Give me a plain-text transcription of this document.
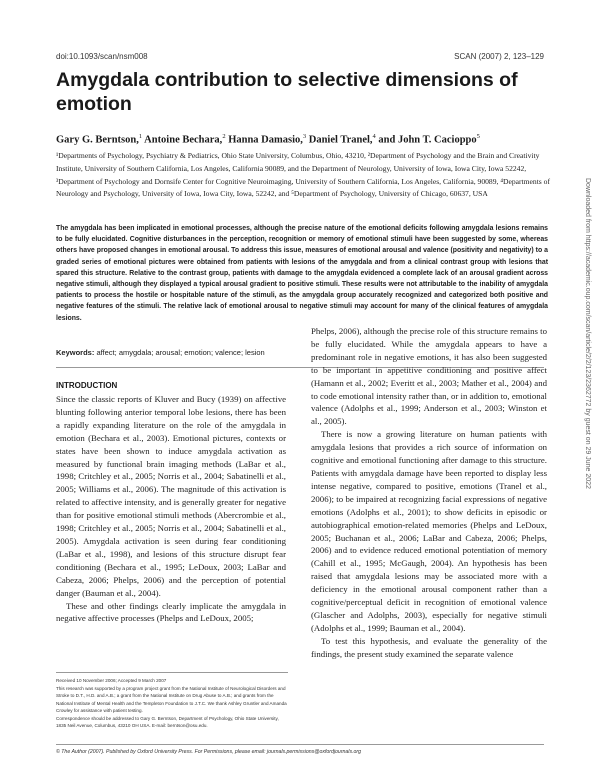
doi:10.1093/scan/nsm008	SCAN (2007) 2, 123–129
Amygdala contribution to selective dimensions of emotion
Gary G. Berntson,$^1$ Antoine Bechara,$^2$ Hanna Damasio,$^3$ Daniel Tranel,$^4$ and John T. Cacioppo$^5$
¹Departments of Psychology, Psychiatry & Pediatrics, Ohio State University, Columbus, Ohio, 43210, ²Department of Psychology and the Brain and Creativity Institute, University of Southern California, Los Angeles, California 90089, and the Department of Neurology, University of Iowa, Iowa City, Iowa 52242, ³Department of Psychology and Dornsife Center for Cognitive Neuroimaging, University of Southern California, Los Angeles, California, 90089, ⁴Departments of Neurology and Psychology, University of Iowa, Iowa City, Iowa, 52242, and ⁵Department of Psychology, University of Chicago, 60637, USA
The amygdala has been implicated in emotional processes, although the precise nature of the emotional deficits following amygdala lesions remains to be fully elucidated. Cognitive disturbances in the perception, recognition or memory of emotional stimuli have been suggested by some, whereas others have proposed changes in emotional arousal. To address this issue, measures of emotional arousal and valence (positivity and negativity) to a graded series of emotional pictures were obtained from patients with lesions of the amygdala and from a clinical contrast group with lesions that spared this structure. Relative to the contrast group, patients with damage to the amygdala evidenced a complete lack of an arousal gradient across negative stimuli, although they displayed a typical arousal gradient to positive stimuli. These results were not attributable to the inability of amygdala patients to process the hostile or hospitable nature of the stimuli, as the amygdala group accurately recognized and categorized both positive and negative features of the stimuli. The relative lack of emotional arousal to negative stimuli may account for many of the clinical features of amygdala lesions.
Keywords: affect; amygdala; arousal; emotion; valence; lesion
INTRODUCTION

Since the classic reports of Kluver and Bucy (1939) on affective blunting following anterior temporal lobe lesions, there has been a rapidly expanding literature on the role of the amygdala in emotion (Bechara et al., 2003). Emotional pictures, contexts or states have been shown to induce amygdala activation as measured by functional brain imaging methods (LaBar et al., 1998; Critchley et al., 2005; Norris et al., 2004; Sabatinelli et al., 2005; Williams et al., 2006). The magnitude of this activation is related to affective intensity, and is generally greater for negative than for positive emotional stimuli methods (Abercrombie et al., 1998; Critchley et al., 2005; Norris et al., 2004; Sabatinelli et al., 2005). Amygdala activation is seen during fear conditioning (LaBar et al., 1998), and lesions of this structure disrupt fear conditioning (Bechara et al., 1995; LeDoux, 2003; LaBar and Cabeza, 2006; Phelps, 2006) and the perception of potential danger (Bauman et al., 2004).

These and other findings clearly implicate the amygdala in negative affective processes (Phelps and LeDoux, 2005;

Phelps, 2006), although the precise role of this structure remains to be fully elucidated. While the amygdala appears to have a predominant role in negative emotions, it has also been suggested to be important in appetitive conditioning and positive affect (Hamann et al., 2002; Everitt et al., 2003; Mather et al., 2004) and to code emotional intensity rather than, or in addition to, emotional valence (Adolphs et al., 1999; Anderson et al., 2003; Winston et al., 2005).

There is now a growing literature on human patients with amygdala lesions that provides a rich source of information on cognitive and emotional functioning after damage to this structure. Patients with amygdala damage have been reported to display less intense negative, compared to positive, emotions (Tranel et al., 2006); to be impaired at recognizing facial expressions of negative emotions (Adolphs et al., 2001); to show deficits in episodic or autobiographical emotion-related memories (Phelps and LeDoux, 2005; Buchanan et al., 2006; LaBar and Cabeza, 2006; Phelps, 2006) and to evidence reduced emotional potentiation of memory (Cahill et al., 1995; McGaugh, 2004). An hypothesis has been raised that amygdala lesions may be associated more with a deficiency in the emotional arousal component rather than a cognitive/perceptual deficit in recognition of emotional valence (Glascher and Adolphs, 2003), especially for negative stimuli (Adolphs et al., 1999; Bauman et al., 2004).

To test this hypothesis, and evaluate the generality of the findings, the present study examined the separate valence

Received 10 November 2006; Accepted 9 March 2007

This research was supported by a program project grant from the National Institute of Neurological Disorders and Stroke to D.T., H.D. and A.B.; a grant from the National Institute on Drug Abuse to A.B.; and grants from the National Institute of Mental Health and the Templeton Foundation to J.T.C. We thank Ashley Gruntler and Amanda Crowley for assistance with patient testing.

Correspondence should be addressed to Gary G. Berntson, Department of Psychology, Ohio State University, 1835 Neil Avenue, Columbus, 43210 OH USA. E-mail: berntson@osu.edu.

© The Author (2007). Published by Oxford University Press. For Permissions, please email: journals.permissions@oxfordjournals.org
Downloaded from https://academic.oup.com/scan/article/2/2/123/2362772 by guest on 29 June 2022
